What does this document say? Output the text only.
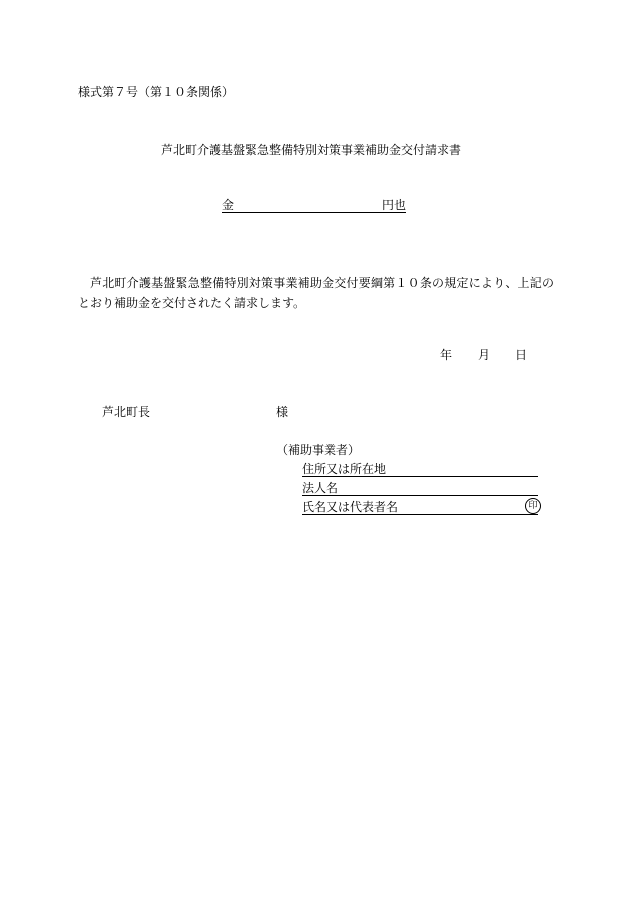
様式第７号（第１０条関係）
芦北町介護基盤緊急整備特別対策事業補助金交付請求書
金	円也
芦北町介護基盤緊急整備特別対策事業補助金交付要綱第１０条の規定により、上記のとおり補助金を交付されたく請求します。
年 月 日
芦北町長	様
（補助事業者）
住所又は所在地
法人名
氏名又は代表者名	印
